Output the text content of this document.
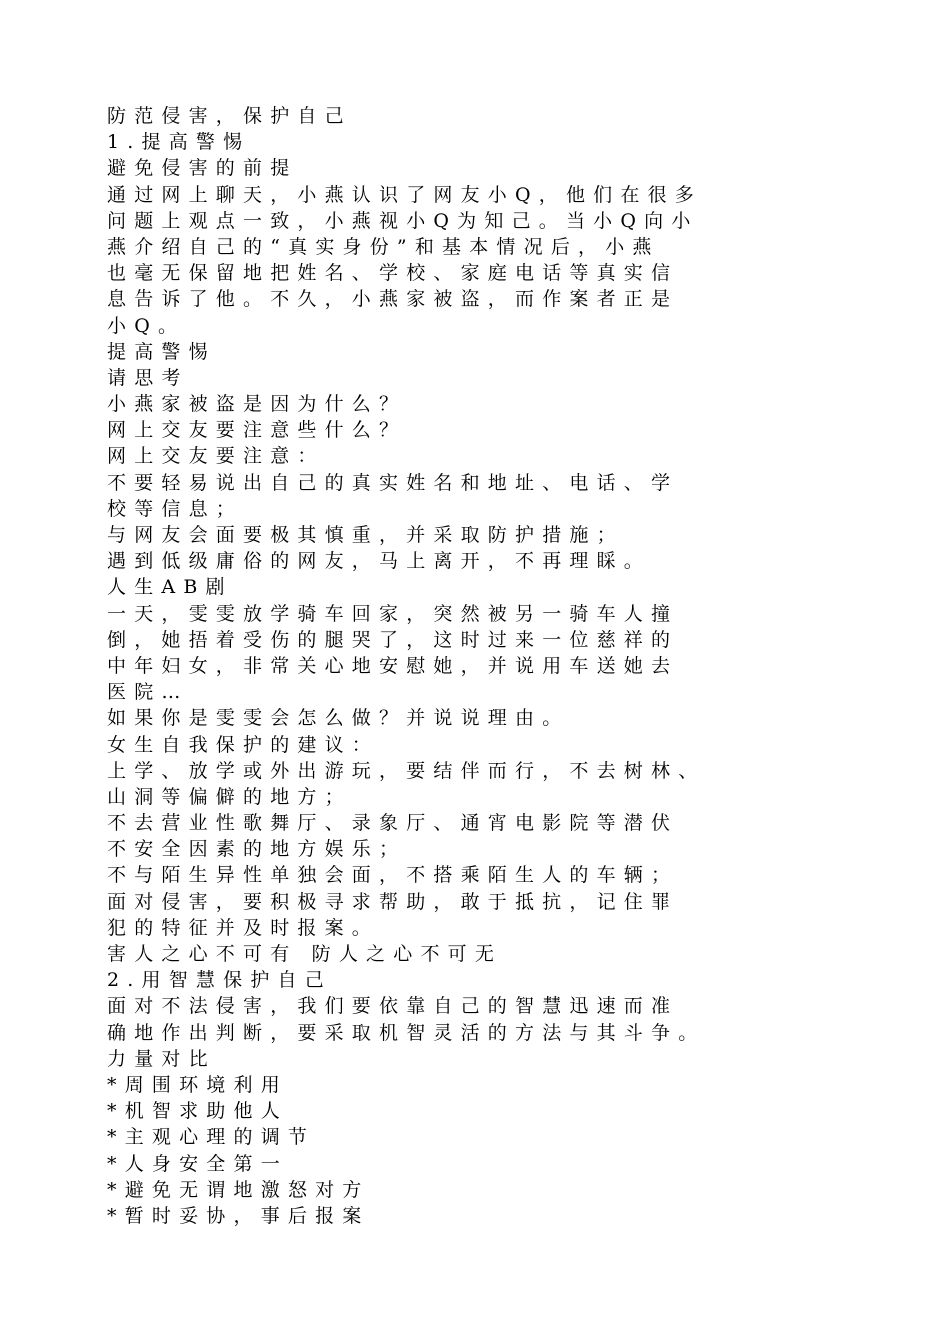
防范侵害，保护自己

1.提高警惕

避免侵害的前提

通过网上聊天，小燕认识了网友小Q，他们在很多

问题上观点一致，小燕视小Q为知己。当小Q向小

燕介绍自己的“真实身份”和基本情况后，小燕

也毫无保留地把姓名、学校、家庭电话等真实信

息告诉了他。不久，小燕家被盗，而作案者正是

小Q。

提高警惕

请思考

小燕家被盗是因为什么？

网上交友要注意些什么？

网上交友要注意：

不要轻易说出自己的真实姓名和地址、电话、学

校等信息；

与网友会面要极其慎重，并采取防护措施；

遇到低级庸俗的网友，马上离开，不再理睬。

人生AB剧

一天，雯雯放学骑车回家，突然被另一骑车人撞

倒，她捂着受伤的腿哭了，这时过来一位慈祥的

中年妇女，非常关心地安慰她，并说用车送她去

医院…

如果你是雯雯会怎么做？并说说理由。

女生自我保护的建议：

上学、放学或外出游玩，要结伴而行，不去树林、

山洞等偏僻的地方；

不去营业性歌舞厅、录象厅、通宵电影院等潜伏

不安全因素的地方娱乐；

不与陌生异性单独会面，不搭乘陌生人的车辆；

面对侵害，要积极寻求帮助，敢于抵抗，记住罪

犯的特征并及时报案。

害人之心不可有 防人之心不可无

2.用智慧保护自己

面对不法侵害，我们要依靠自己的智慧迅速而准

确地作出判断，要采取机智灵活的方法与其斗争。

力量对比

*周围环境利用

*机智求助他人

*主观心理的调节

*人身安全第一

*避免无谓地激怒对方

*暂时妥协，事后报案
